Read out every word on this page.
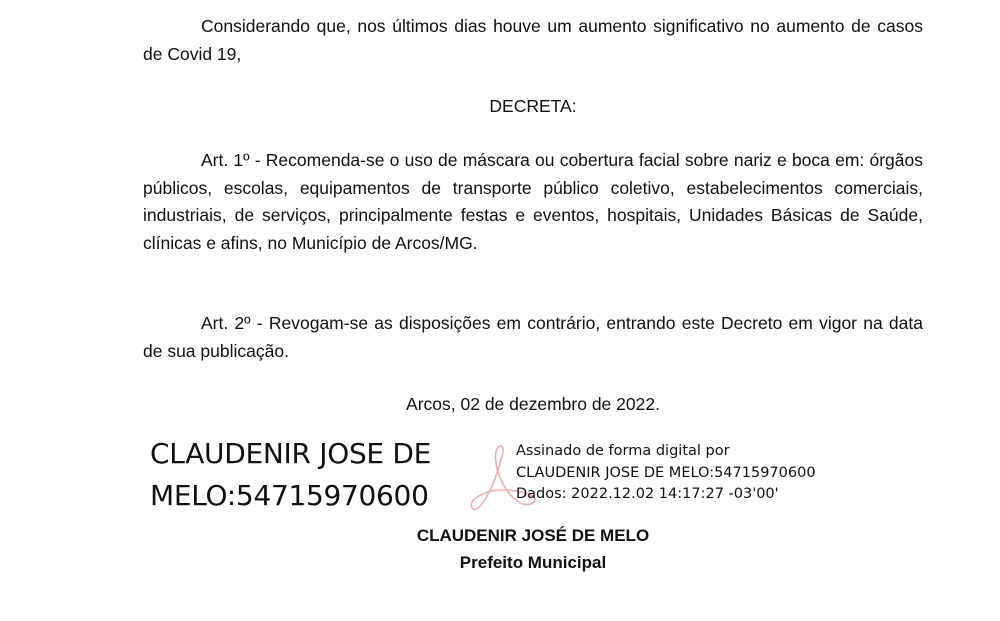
Considerando que, nos últimos dias houve um aumento significativo no aumento de casos de Covid 19,

DECRETA:

Art. 1º - Recomenda-se o uso de máscara ou cobertura facial sobre nariz e boca em: órgãos públicos, escolas, equipamentos de transporte público coletivo, estabelecimentos comerciais, industriais, de serviços, principalmente festas e eventos, hospitais, Unidades Básicas de Saúde, clínicas e afins, no Município de Arcos/MG.

Art. 2º - Revogam-se as disposições em contrário, entrando este Decreto em vigor na data de sua publicação.

Arcos, 02 de dezembro de 2022.

CLAUDENIR JOSE DE
MELO:54715970600
Assinado de forma digital por
CLAUDENIR JOSE DE MELO:54715970600
Dados: 2022.12.02 14:17:27 -03'00'

CLAUDENIR JOSÉ DE MELO

Prefeito Municipal
